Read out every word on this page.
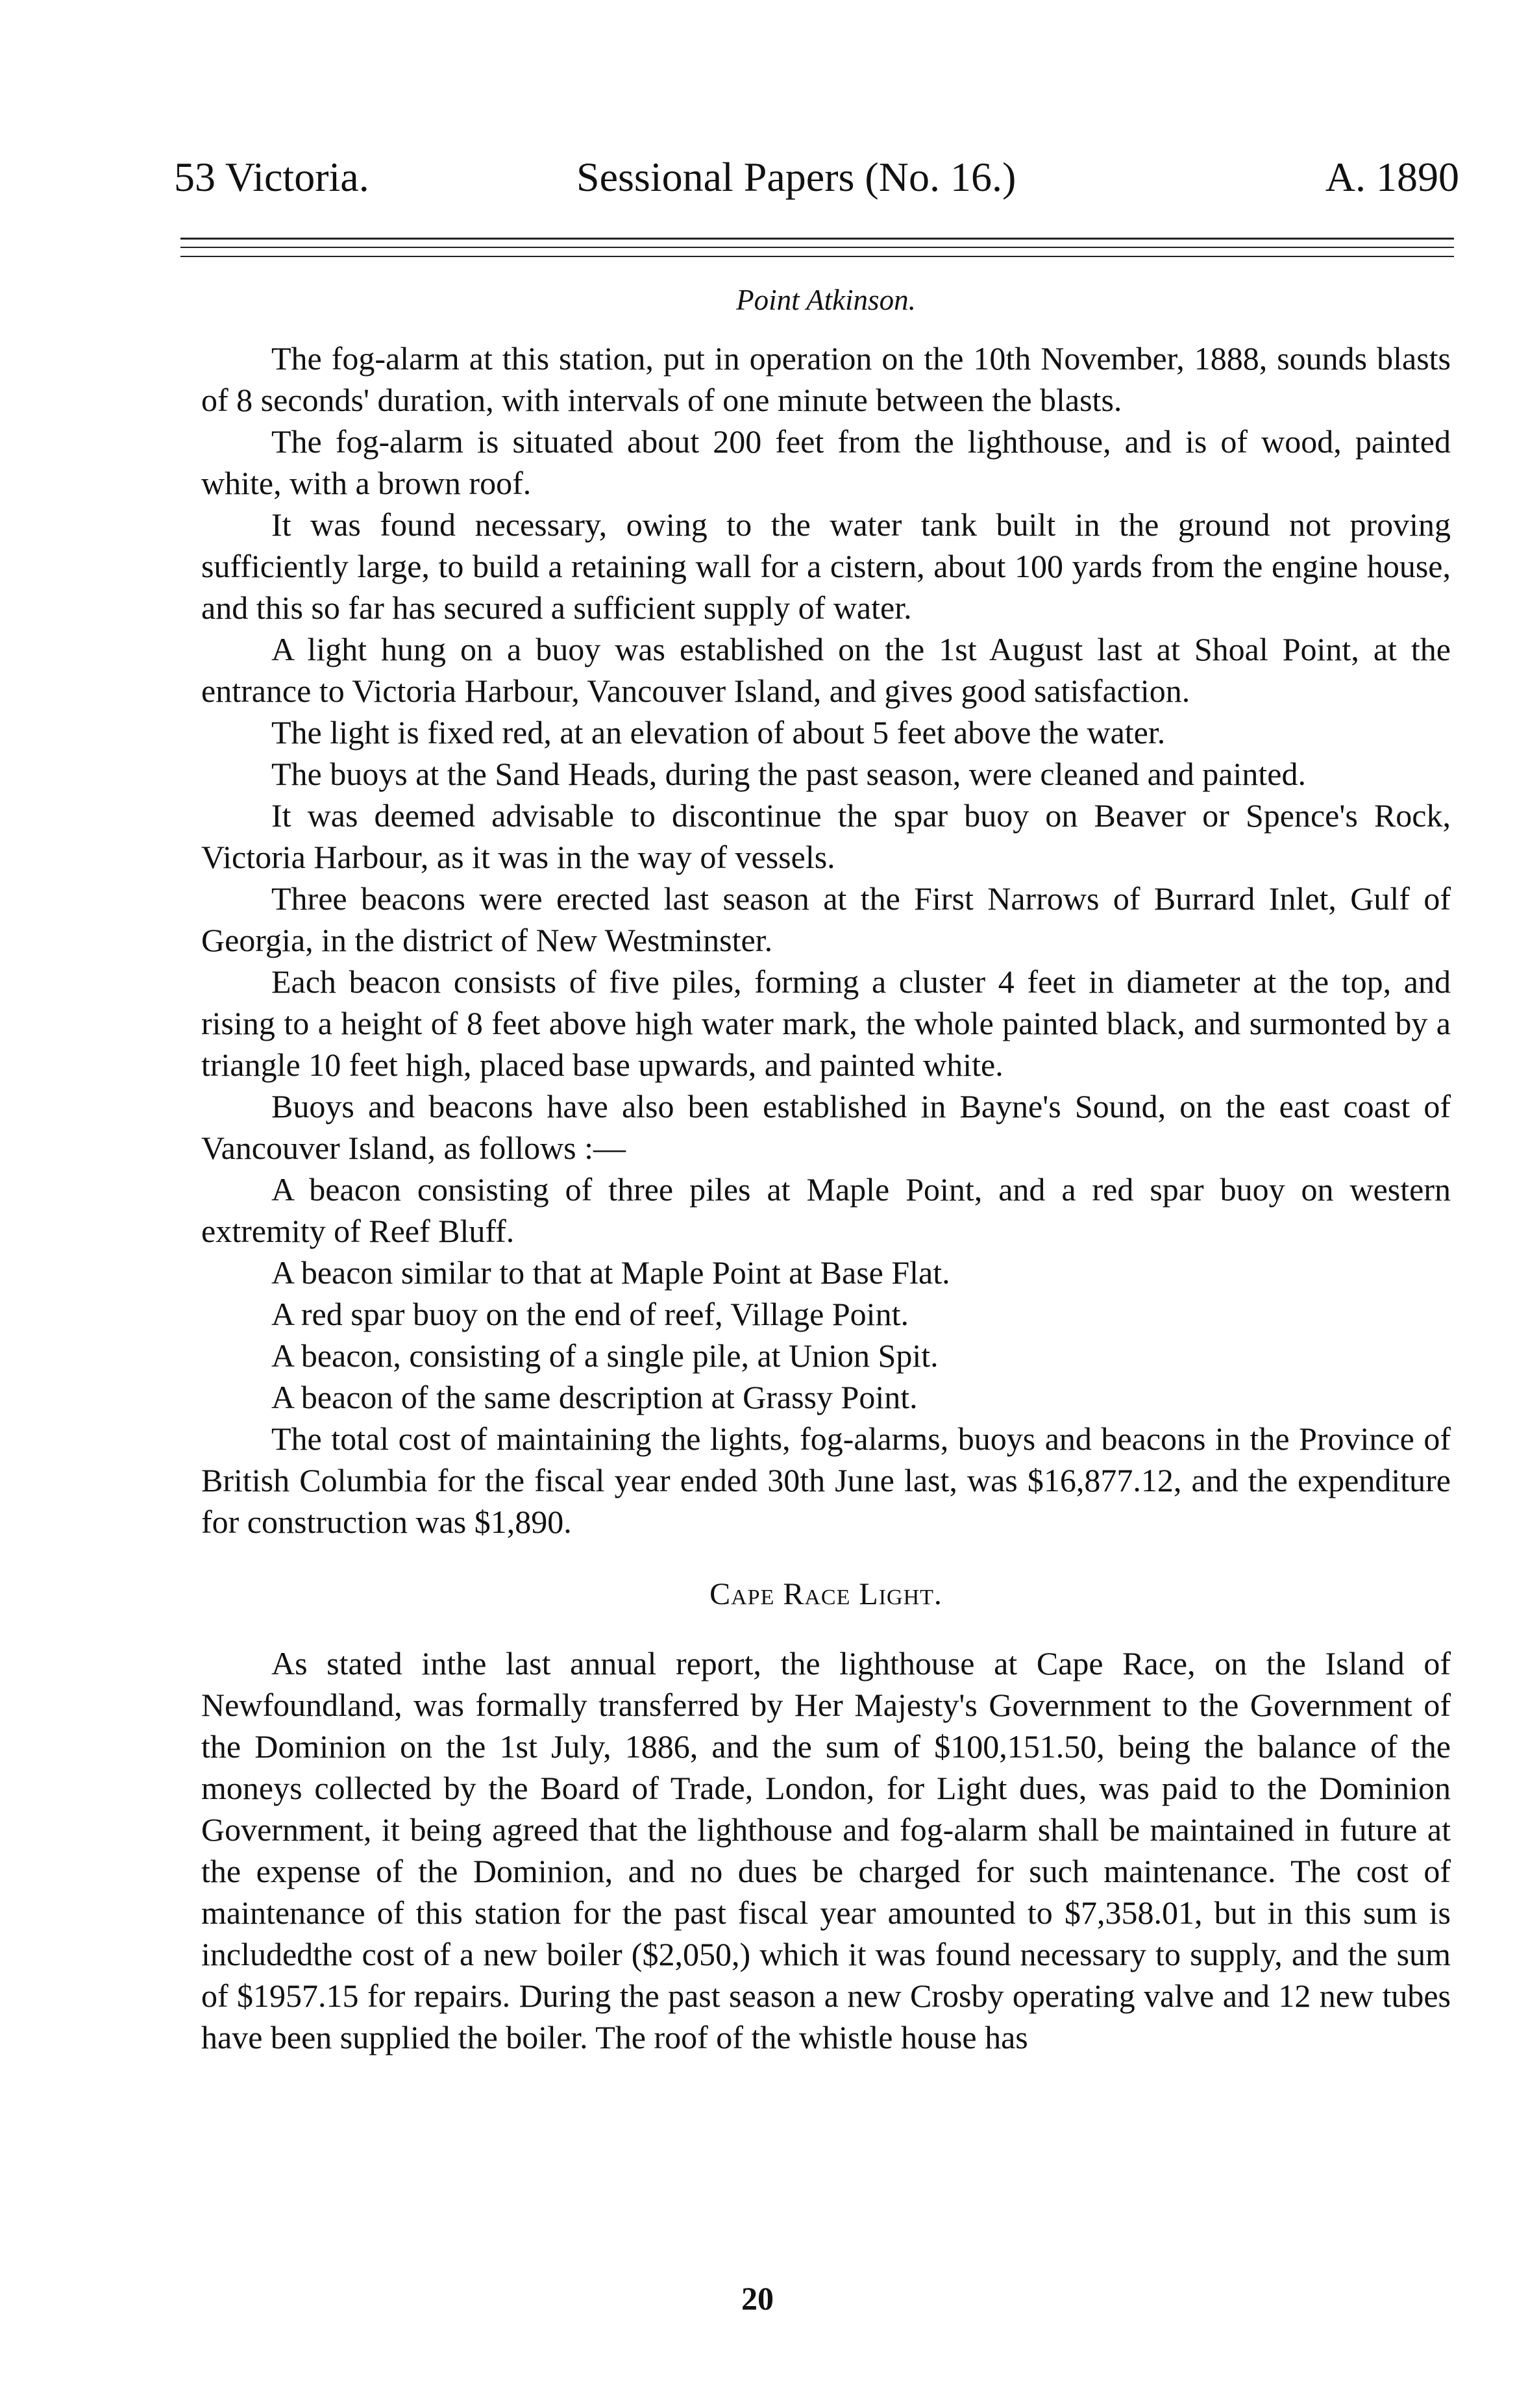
53 Victoria.	Sessional Papers (No. 16.)	A. 1890
Point Atkinson.

The fog-alarm at this station, put in operation on the 10th November, 1888, sounds blasts of 8 seconds' duration, with intervals of one minute between the blasts.

The fog-alarm is situated about 200 feet from the lighthouse, and is of wood, painted white, with a brown roof.

It was found necessary, owing to the water tank built in the ground not proving sufficiently large, to build a retaining wall for a cistern, about 100 yards from the engine house, and this so far has secured a sufficient supply of water.

A light hung on a buoy was established on the 1st August last at Shoal Point, at the entrance to Victoria Harbour, Vancouver Island, and gives good satisfaction.

The light is fixed red, at an elevation of about 5 feet above the water.

The buoys at the Sand Heads, during the past season, were cleaned and painted.

It was deemed advisable to discontinue the spar buoy on Beaver or Spence's Rock, Victoria Harbour, as it was in the way of vessels.

Three beacons were erected last season at the First Narrows of Burrard Inlet, Gulf of Georgia, in the district of New Westminster.

Each beacon consists of five piles, forming a cluster 4 feet in diameter at the top, and rising to a height of 8 feet above high water mark, the whole painted black, and surmonted by a triangle 10 feet high, placed base upwards, and painted white.

Buoys and beacons have also been established in Bayne's Sound, on the east coast of Vancouver Island, as follows :—

A beacon consisting of three piles at Maple Point, and a red spar buoy on western extremity of Reef Bluff.

A beacon similar to that at Maple Point at Base Flat.

A red spar buoy on the end of reef, Village Point.

A beacon, consisting of a single pile, at Union Spit.

A beacon of the same description at Grassy Point.

The total cost of maintaining the lights, fog-alarms, buoys and beacons in the Province of British Columbia for the fiscal year ended 30th June last, was $16,877.12, and the expenditure for construction was $1,890.

Cape Race Light.

As stated inthe last annual report, the lighthouse at Cape Race, on the Island of Newfoundland, was formally transferred by Her Majesty's Government to the Government of the Dominion on the 1st July, 1886, and the sum of $100,151.50, being the balance of the moneys collected by the Board of Trade, London, for Light dues, was paid to the Dominion Government, it being agreed that the lighthouse and fog-alarm shall be maintained in future at the expense of the Dominion, and no dues be charged for such maintenance. The cost of maintenance of this station for the past fiscal year amounted to $7,358.01, but in this sum is includedthe cost of a new boiler ($2,050,) which it was found necessary to supply, and the sum of $1957.15 for repairs. During the past season a new Crosby operating valve and 12 new tubes have been supplied the boiler. The roof of the whistle house has

20
